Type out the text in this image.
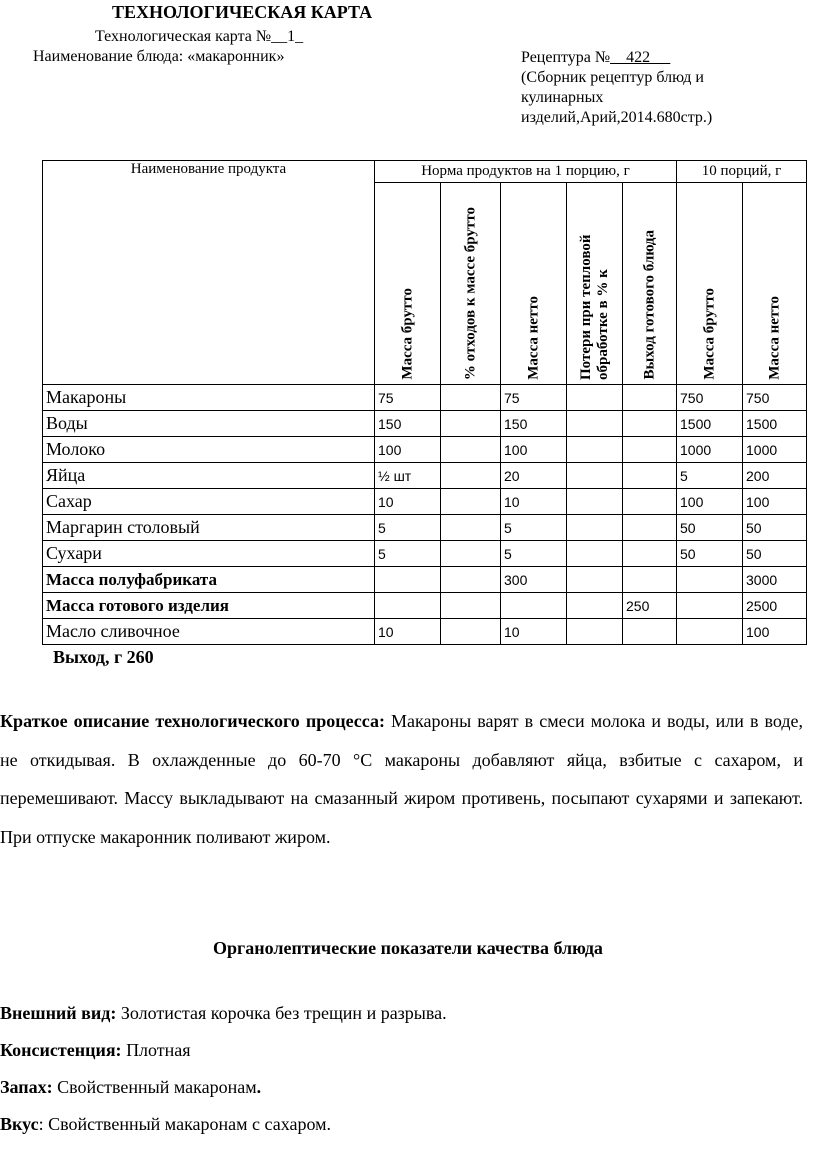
ТЕХНОЛОГИЧЕСКАЯ КАРТА
Технологическая карта №__1_
Наименование блюда: «макаронник»	Рецептура №__422 __
(Сборник рецептур блюд и
кулинарных
изделий,Арий,2014.680стр.)
Наименование продукта	Норма продуктов на 1 порцию, г					10 порций, г	

	Масса брутто	% отходов к массе брутто	Масса нетто	Потери при тепловой обработке в % к	Выход готового блюда	Масса брутто	Масса нетто

Макароны	75		75			750	750
Воды	150		150			1500	1500
Молоко	100		100			1000	1000
Яйца	½ шт		20			5	200
Сахар	10		10			100	100
Маргарин столовый	5		5			50	50
Сухари	5		5			50	50
Масса полуфабриката			300				3000
Масса готового изделия					250		2500
Масло сливочное	10		10				100
Выход, г 260
Краткое описание технологического процесса: Макароны варят в смеси молока и воды, или в воде, не откидывая. В охлажденные до 60-70 °С макароны добавляют яйца, взбитые с сахаром, и перемешивают. Массу выкладывают на смазанный жиром противень, посыпают сухарями и запекают. При отпуске макаронник поливают жиром.
Органолептические показатели качества блюда
Внешний вид: Золотистая корочка без трещин и разрыва.
Консистенция: Плотная
Запах: Свойственный макаронам.
Вкус: Свойственный макаронам с сахаром.
